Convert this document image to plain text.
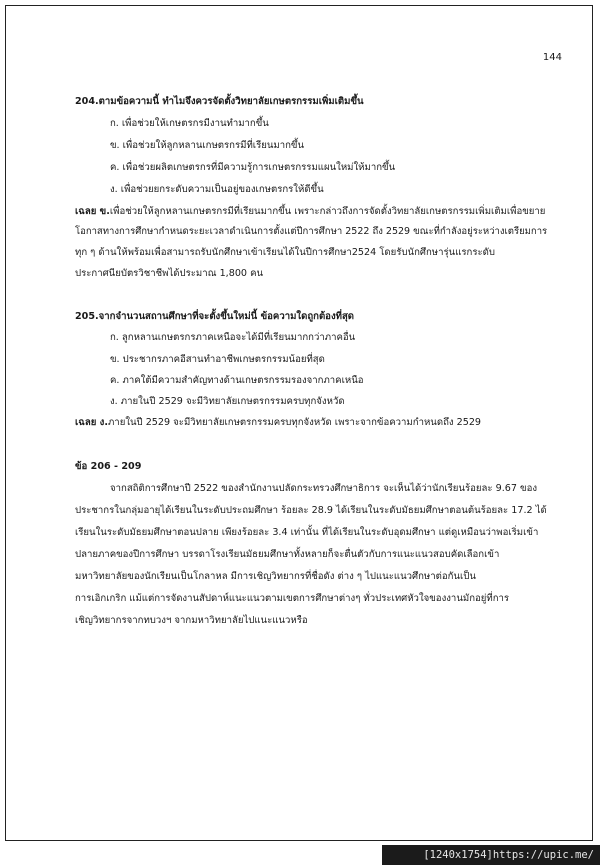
144
204.ตามข้อความนี้ ทำไมจึงควรจัดตั้งวิทยาลัยเกษตรกรรมเพิ่มเติมขึ้น
ก. เพื่อช่วยให้เกษตรกรมีงานทำมากขึ้น
ข. เพื่อช่วยให้ลูกหลานเกษตรกรมีที่เรียนมากขึ้น
ค. เพื่อช่วยผลิตเกษตรกรที่มีความรู้การเกษตรกรรมแผนใหม่ให้มากขึ้น
ง. เพื่อช่วยยกระดับความเป็นอยู่ของเกษตรกรให้ดีขึ้น
เฉลย ข.เพื่อช่วยให้ลูกหลานเกษตรกรมีที่เรียนมากขึ้น เพราะกล่าวถึงการจัดตั้งวิทยาลัยเกษตรกรรมเพิ่มเติมเพื่อขยาย
โอกาสทางการศึกษากำหนดระยะเวลาดำเนินการตั้งแต่ปีการศึกษา 2522 ถึง 2529 ขณะที่กำลังอยู่ระหว่างเตรียมการ
ทุก ๆ ด้านให้พร้อมเพื่อสามารถรับนักศึกษาเข้าเรียนได้ในปีการศึกษา2524 โดยรับนักศึกษารุ่นแรกระดับ
ประกาศนียบัตรวิชาชีพได้ประมาณ 1,800 คน
205.จากจำนวนสถานศึกษาที่จะตั้งขึ้นใหม่นี้ ข้อความใดถูกต้องที่สุด
ก. ลูกหลานเกษตรกรภาคเหนือจะได้มีที่เรียนมากกว่าภาคอื่น
ข. ประชากรภาคอีสานทำอาชีพเกษตรกรรมน้อยที่สุด
ค. ภาคใต้มีความสำคัญทางด้านเกษตรกรรมรองจากภาคเหนือ
ง. ภายในปี 2529 จะมีวิทยาลัยเกษตรกรรมครบทุกจังหวัด
เฉลย ง.ภายในปี 2529 จะมีวิทยาลัยเกษตรกรรมครบทุกจังหวัด เพราะจากข้อความกำหนดถึง 2529
ข้อ 206 - 209
จากสถิติการศึกษาปี 2522 ของสำนักงานปลัดกระทรวงศึกษาธิการ จะเห็นได้ว่านักเรียนร้อยละ 9.67 ของ
ประชากรในกลุ่มอายุได้เรียนในระดับประถมศึกษา ร้อยละ 28.9 ได้เรียนในระดับมัธยมศึกษาตอนต้นร้อยละ 17.2 ได้
เรียนในระดับมัธยมศึกษาตอนปลาย เพียงร้อยละ 3.4 เท่านั้น ที่ได้เรียนในระดับอุดมศึกษา แต่ดูเหมือนว่าพอเริ่มเข้า
ปลายภาคของปีการศึกษา บรรดาโรงเรียนมัธยมศึกษาทั้งหลายก็จะตื่นตัวกับการแนะแนวสอบคัดเลือกเข้า
มหาวิทยาลัยของนักเรียนเป็นโกลาหล มีการเชิญวิทยากรที่ชื่อดัง ต่าง ๆ ไปแนะแนวศึกษาต่อกันเป็น
การเอิกเกริก แม้แต่การจัดงานสัปดาห์แนะแนวตามเขตการศึกษาต่างๆ ทั่วประเทศหัวใจของงานมักอยู่ที่การ
เชิญวิทยากรจากทบวงฯ จากมหาวิทยาลัยไปแนะแนวหรือ
[1240x1754]https://upic.me/
